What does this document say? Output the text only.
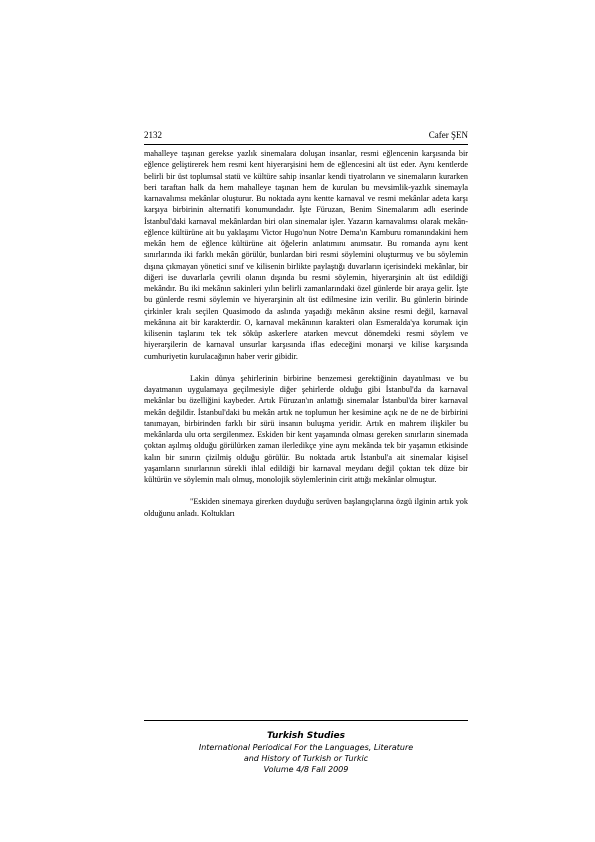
2132	Cafer ŞEN

mahalleye taşınan gerekse yazlık sinemalara doluşan insanlar, resmi eğlencenin karşısında bir eğlence geliştirerek hem resmi kent hiyerarşisini hem de eğlencesini alt üst eder. Aynı kentlerde belirli bir üst toplumsal statü ve kültüre sahip insanlar kendi tiyatroların ve sinemaların kurarken beri taraftan halk da hem mahalleye taşınan hem de kurulan bu mevsimlik-yazlık sinemayla karnavalımsı mekânlar oluşturur. Bu noktada aynı kentte karnaval ve resmi mekânlar adeta karşı karşıya birbirinin alternatifi konumundadır. İşte Füruzan, Benim Sinemalarım adlı eserinde İstanbul'daki karnaval mekânlardan biri olan sinemalar işler. Yazarın karnavalımsı olarak mekân-eğlence kültürüne ait bu yaklaşımı Victor Hugo'nun Notre Dema'ın Kamburu romanındakini hem mekân hem de eğlence kültürüne ait öğelerin anlatımını anımsatır. Bu romanda aynı kent sınırlarında iki farklı mekân görülür, bunlardan biri resmi söylemini oluşturmuş ve bu söylemin dışına çıkmayan yönetici sınıf ve kilisenin birlikte paylaştığı duvarların içerisindeki mekânlar, bir diğeri ise duvarlarla çevrili olanın dışında bu resmi söylemin, hiyerarşinin alt üst edildiği mekândır. Bu iki mekânın sakinleri yılın belirli zamanlarındaki özel günlerde bir araya gelir. İşte bu günlerde resmi söylemin ve hiyerarşinin alt üst edilmesine izin verilir. Bu günlerin birinde çirkinler kralı seçilen Quasimodo da aslında yaşadığı mekânın aksine resmi değil, karnaval mekânına ait bir karakterdir. O, karnaval mekânının karakteri olan Esmeralda'ya korumak için kilisenin taşlarını tek tek söküp askerlere atarken mevcut dönemdeki resmi söylem ve hiyerarşilerin de karnaval unsurlar karşısında iflas edeceğini monarşi ve kilise karşısında cumhuriyetin kurulacağının haber verir gibidir.

Lakin dünya şehirlerinin birbirine benzemesi gerektiğinin dayatılması ve bu dayatmanın uygulamaya geçilmesiyle diğer şehirlerde olduğu gibi İstanbul'da da karnaval mekânlar bu özelliğini kaybeder. Artık Füruzan'ın anlattığı sinemalar İstanbul'da birer karnaval mekân değildir. İstanbul'daki bu mekân artık ne toplumun her kesimine açık ne de ne de birbirini tanımayan, birbirinden farklı bir sürü insanın buluşma yeridir. Artık en mahrem ilişkiler bu mekânlarda ulu orta sergilenmez. Eskiden bir kent yaşamında olması gereken sınırların sinemada çoktan aşılmış olduğu görülürken zaman ilerledikçe yine aynı mekânda tek bir yaşamın etkisinde kalın bir sınırın çizilmiş olduğu görülür. Bu noktada artık İstanbul'a ait sinemalar kişisel yaşamların sınırlarının sürekli ihlal edildiği bir karnaval meydanı değil çoktan tek düze bir kültürün ve söylemin malı olmuş, monolojik söylemlerinin cirit attığı mekânlar olmuştur.

"Eskiden sinemaya girerken duyduğu serüven başlangıçlarına özgü ilginin artık yok olduğunu anladı. Koltukları

Turkish Studies
International Periodical For the Languages, Literature
and History of Turkish or Turkic
Volume 4/8 Fall 2009
